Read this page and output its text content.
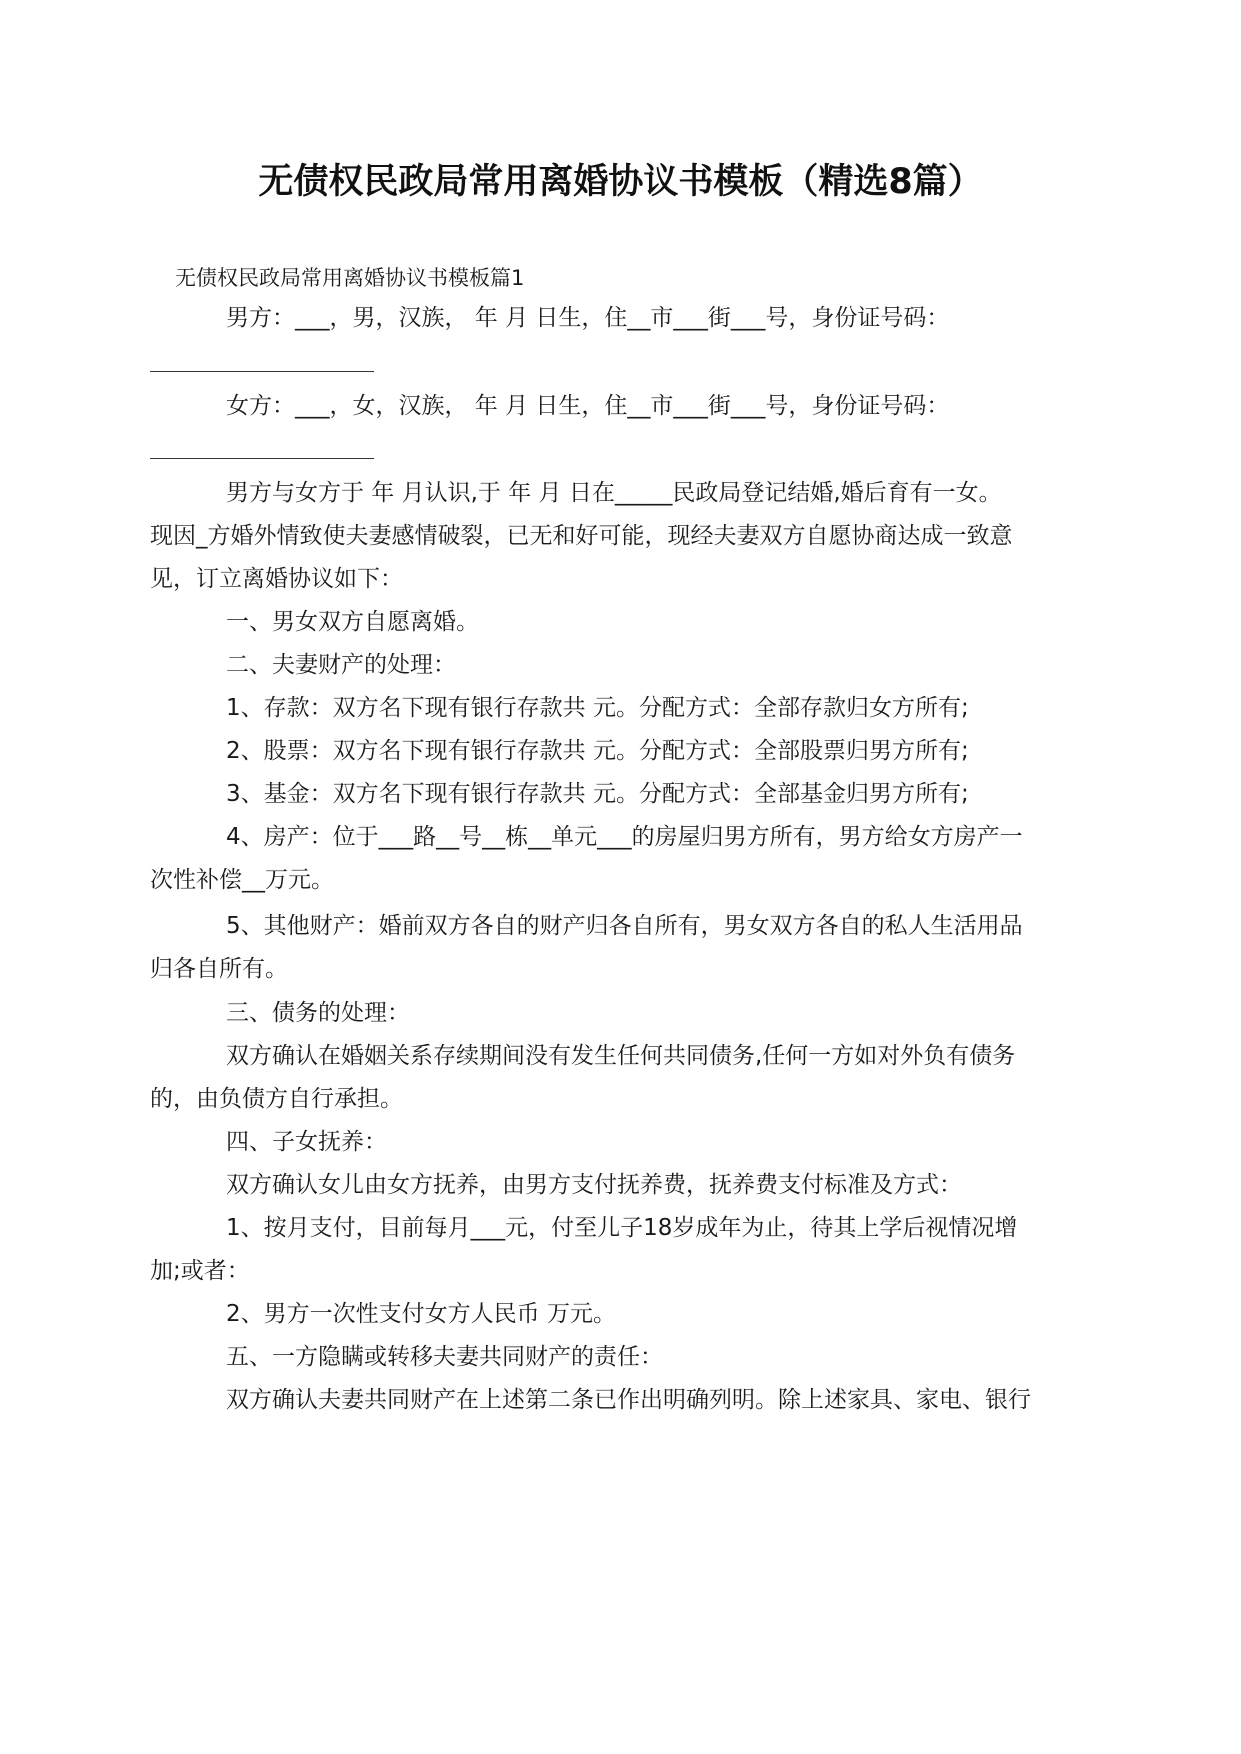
无债权民政局常用离婚协议书模板（精选8篇）
无债权民政局常用离婚协议书模板篇1
男方：___，男，汉族， 年 月 日生，住__市___街___号，身份证号码：
女方：___，女，汉族， 年 月 日生，住__市___街___号，身份证号码：
男方与女方于 年 月认识,于 年 月 日在_____民政局登记结婚,婚后育有一女。
现因_方婚外情致使夫妻感情破裂，已无和好可能，现经夫妻双方自愿协商达成一致意
见，订立离婚协议如下：
一、男女双方自愿离婚。
二、夫妻财产的处理：
1、存款：双方名下现有银行存款共 元。分配方式：全部存款归女方所有;
2、股票：双方名下现有银行存款共 元。分配方式：全部股票归男方所有;
3、基金：双方名下现有银行存款共 元。分配方式：全部基金归男方所有;
4、房产：位于___路__号__栋__单元___的房屋归男方所有，男方给女方房产一
次性补偿__万元。
5、其他财产：婚前双方各自的财产归各自所有，男女双方各自的私人生活用品
归各自所有。
三、债务的处理：
双方确认在婚姻关系存续期间没有发生任何共同债务,任何一方如对外负有债务
的，由负债方自行承担。
四、子女抚养：
双方确认女儿由女方抚养，由男方支付抚养费，抚养费支付标准及方式：
1、按月支付，目前每月___元，付至儿子18岁成年为止，待其上学后视情况增
加;或者：
2、男方一次性支付女方人民币 万元。
五、一方隐瞒或转移夫妻共同财产的责任：
双方确认夫妻共同财产在上述第二条已作出明确列明。除上述家具、家电、银行
